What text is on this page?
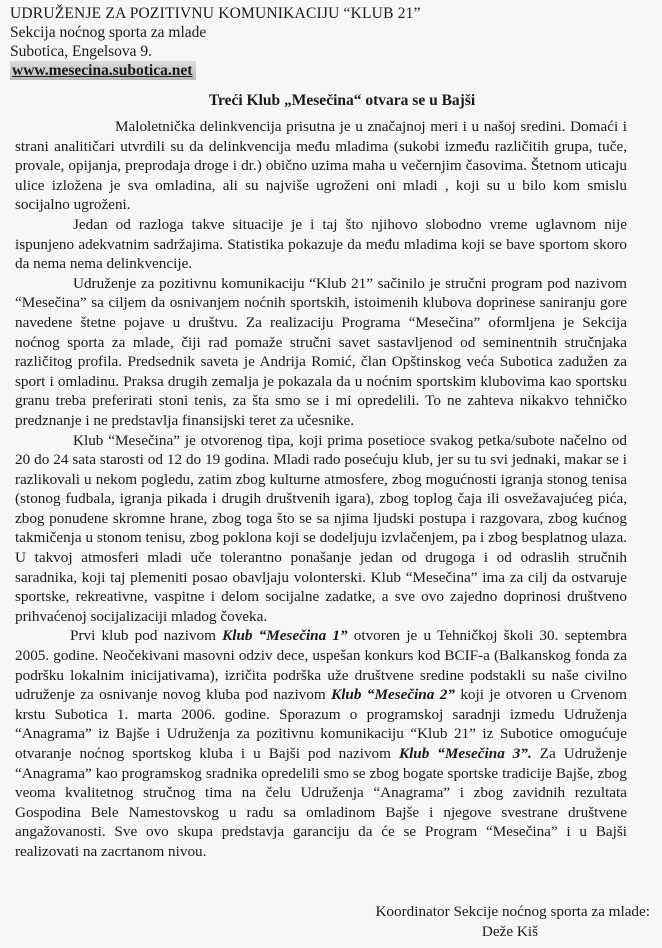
UDRUŽENJE ZA POZITIVNU KOMUNIKACIJU “KLUB 21”
Sekcija noćnog sporta za mlade
Subotica, Engelsova 9.
www.mesecina.subotica.net
Treći Klub „Mesečina“ otvara se u Bajši

Maloletnička delinkvencija prisutna je u značajnoj meri i u našoj sredini. Domaći i strani analitičari utvrdili su da delinkvencija među mladima (sukobi između različitih grupa, tuče, provale, opijanja, preprodaja droge i dr.) obično uzima maha u večernjim časovima. Štetnom uticaju ulice izložena je sva omladina, ali su najviše ugroženi oni mladi , koji su u bilo kom smislu socijalno ugroženi.

Jedan od razloga takve situacije je i taj što njihovo slobodno vreme uglavnom nije ispunjeno adekvatnim sadržajima. Statistika pokazuje da među mladima koji se bave sportom skoro da nema nema delinkvencije.

Udruženje za pozitivnu komunikaciju “Klub 21” sačinilo je stručni program pod nazivom “Mesečina” sa ciljem da osnivanjem noćnih sportskih, istoimenih klubova doprinese saniranju gore navedene štetne pojave u društvu. Za realizaciju Programa “Mesečina” oformljena je Sekcija noćnog sporta za mlade, čiji rad pomaže stručni savet sastavljenod od seminentnih stručnjaka različitog profila. Predsednik saveta je Andrija Romić, član Opštinskog veća Subotica zadužen za sport i omladinu. Praksa drugih zemalja je pokazala da u noćnim sportskim klubovima kao sportsku granu treba preferirati stoni tenis, za šta smo se i mi opredelili. To ne zahteva nikakvo tehničko predznanje i ne predstavlja finansijski teret za učesnike.

Klub “Mesečina” je otvorenog tipa, koji prima posetioce svakog petka/subote načelno od 20 do 24 sata starosti od 12 do 19 godina. Mladi rado posećuju klub, jer su tu svi jednaki, makar se i razlikovali u nekom pogledu, zatim zbog kulturne atmosfere, zbog mogućnosti igranja stonog tenisa (stonog fudbala, igranja pikada i drugih društvenih igara), zbog toplog čaja ili osvežavajućeg pića, zbog ponudene skromne hrane, zbog toga što se sa njima ljudski postupa i razgovara, zbog kućnog takmičenja u stonom tenisu, zbog poklona koji se dodeljuju izvlačenjem, pa i zbog besplatnog ulaza. U takvoj atmosferi mladi uče tolerantno ponašanje jedan od drugoga i od odraslih stručnih saradnika, koji taj plemeniti posao obavljaju volonterski. Klub “Mesečina” ima za cilj da ostvaruje sportske, rekreativne, vaspitne i delom socijalne zadatke, a sve ovo zajedno doprinosi društveno prihvaćenoj socijalizaciji mladog čoveka.

Prvi klub pod nazivom Klub “Mesečina 1” otvoren je u Tehničkoj školi 30. septembra 2005. godine. Neočekivani masovni odziv dece, uspešan konkurs kod BCIF-a (Balkanskog fonda za podršku lokalnim inicijativama), izričita podrška uže društvene sredine podstakli su naše civilno udruženje za osnivanje novog kluba pod nazivom Klub “Mesečina 2” koji je otvoren u Crvenom krstu Subotica 1. marta 2006. godine. Sporazum o programskoj saradnji izmedu Udruženja “Anagrama” iz Bajše i Udruženja za pozitivnu komunikaciju “Klub 21” iz Subotice omogućuje otvaranje noćnog sportskog kluba i u Bajši pod nazivom Klub “Mesečina 3”. Za Udruženje “Anagrama” kao programskog sradnika opredelili smo se zbog bogate sportske tradicije Bajše, zbog veoma kvalitetnog stručnog tima na čelu Udruženja “Anagrama” i zbog zavidnih rezultata Gospodina Bele Namestovskog u radu sa omladinom Bajše i njegove svestrane društvene angažovanosti. Sve ovo skupa predstavja garanciju da će se Program “Mesečina” i u Bajši realizovati na zacrtanom nivou.

Koordinator Sekcije noćnog sporta za mlade:
Deže Kiš
